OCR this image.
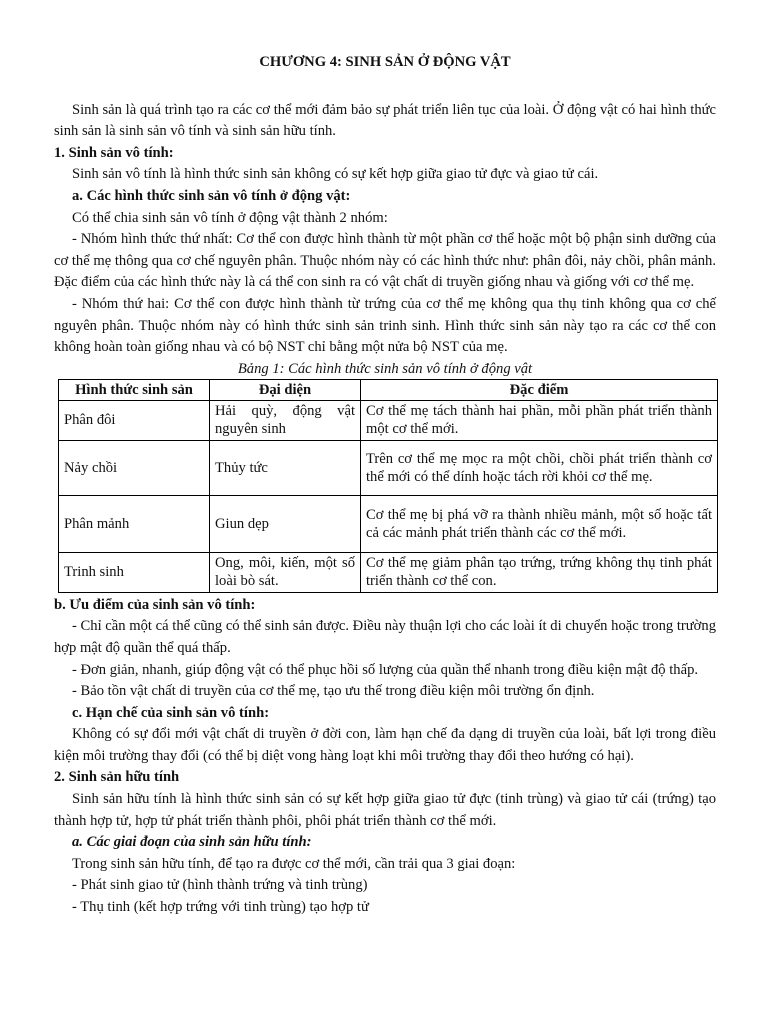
CHƯƠNG 4: SINH SẢN Ở ĐỘNG VẬT

Sinh sản là quá trình tạo ra các cơ thể mới đảm bảo sự phát triển liên tục của loài. Ở động vật có hai hình thức sinh sản là sinh sản vô tính và sinh sản hữu tính.

1. Sinh sản vô tính:

Sinh sản vô tính là hình thức sinh sản không có sự kết hợp giữa giao tử đực và giao tử cái.

a. Các hình thức sinh sản vô tính ở động vật:

Có thể chia sinh sản vô tính ở động vật thành 2 nhóm:

- Nhóm hình thức thứ nhất: Cơ thể con được hình thành từ một phần cơ thể hoặc một bộ phận sinh dưỡng của cơ thể mẹ thông qua cơ chế nguyên phân. Thuộc nhóm này có các hình thức như: phân đôi, nảy chồi, phân mảnh. Đặc điểm của các hình thức này là cá thể con sinh ra có vật chất di truyền giống nhau và giống với cơ thể mẹ.

- Nhóm thứ hai: Cơ thể con được hình thành từ trứng của cơ thể mẹ không qua thụ tinh không qua cơ chế nguyên phân. Thuộc nhóm này có hình thức sinh sản trinh sinh. Hình thức sinh sản này tạo ra các cơ thể con không hoàn toàn giống nhau và có bộ NST chỉ bằng một nửa bộ NST của mẹ.

Bảng 1: Các hình thức sinh sản vô tính ở động vật

Hình thức sinh sản	Đại diện	Đặc điểm
Phân đôi	Hải quỳ, động vật nguyên sinh	Cơ thể mẹ tách thành hai phần, mỗi phần phát triển thành một cơ thể mới.
Nảy chồi	Thủy tức	Trên cơ thể mẹ mọc ra một chồi, chồi phát triển thành cơ thể mới có thể dính hoặc tách rời khỏi cơ thể mẹ.
Phân mảnh	Giun dẹp	Cơ thể mẹ bị phá vỡ ra thành nhiều mảnh, một số hoặc tất cả các mảnh phát triển thành các cơ thể mới.
Trinh sinh	Ong, môi, kiến, một số loài bò sát.	Cơ thể mẹ giảm phân tạo trứng, trứng không thụ tinh phát triển thành cơ thể con.

b. Ưu điểm của sinh sản vô tính:

- Chỉ cần một cá thể cũng có thể sinh sản được. Điều này thuận lợi cho các loài ít di chuyển hoặc trong trường hợp mật độ quần thể quá thấp.

- Đơn giản, nhanh, giúp động vật có thể phục hồi số lượng của quần thể nhanh trong điều kiện mật độ thấp.

- Bảo tồn vật chất di truyền của cơ thể mẹ, tạo ưu thế trong điều kiện môi trường ổn định.

c. Hạn chế của sinh sản vô tính:

Không có sự đổi mới vật chất di truyền ở đời con, làm hạn chế đa dạng di truyền của loài, bất lợi trong điều kiện môi trường thay đổi (có thể bị diệt vong hàng loạt khi môi trường thay đổi theo hướng có hại).

2. Sinh sản hữu tính

Sinh sản hữu tính là hình thức sinh sản có sự kết hợp giữa giao tử đực (tinh trùng) và giao tử cái (trứng) tạo thành hợp tử, hợp tử phát triển thành phôi, phôi phát triển thành cơ thể mới.

a. Các giai đoạn của sinh sản hữu tính:

Trong sinh sản hữu tính, để tạo ra được cơ thể mới, cần trải qua 3 giai đoạn:

- Phát sinh giao tử (hình thành trứng và tinh trùng)

- Thụ tinh (kết hợp trứng với tinh trùng) tạo hợp tử
